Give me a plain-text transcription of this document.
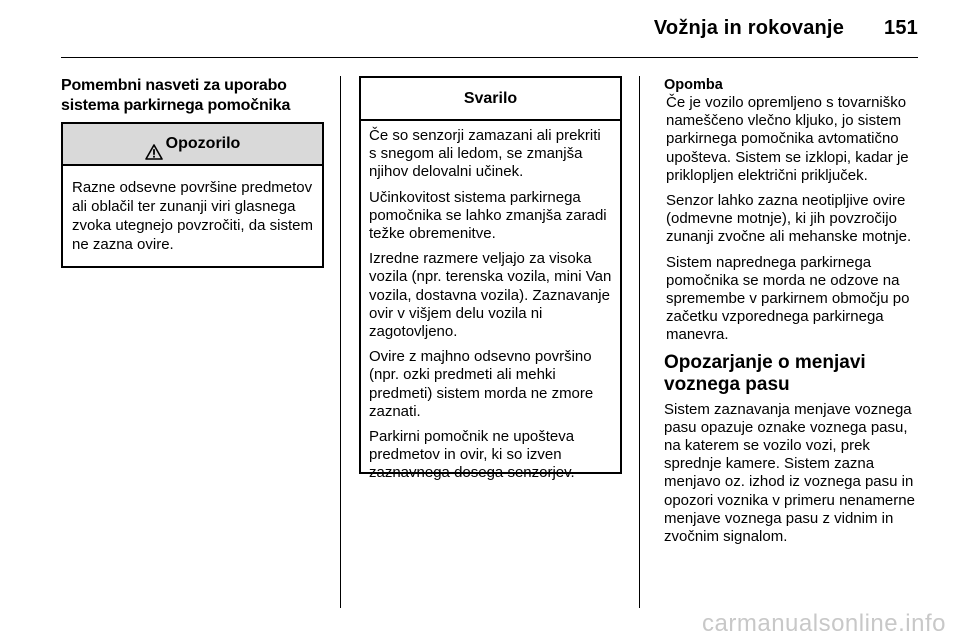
Vožnja in rokovanje 151
Pomembni nasveti za uporabo
sistema parkirnega pomočnika
Opozorilo
Razne odsevne površine predmetov ali oblačil ter zunanji viri glasnega zvoka utegnejo povzročiti, da sistem ne zazna ovire.
Svarilo

Če so senzorji zamazani ali prekriti s snegom ali ledom, se zmanjša njihov delovalni učinek.

Učinkovitost sistema parkirnega pomočnika se lahko zmanjša zaradi težke obremenitve.

Izredne razmere veljajo za visoka vozila (npr. terenska vozila, mini Van vozila, dostavna vozila). Zaznavanje ovir v višjem delu vozila ni zagotovljeno.

Ovire z majhno odsevno površino (npr. ozki predmeti ali mehki predmeti) sistem morda ne zmore zaznati.

Parkirni pomočnik ne upošteva predmetov in ovir, ki so izven zaznavnega dosega senzorjev.

Opomba

Če je vozilo opremljeno s tovarniško nameščeno vlečno kljuko, jo sistem parkirnega pomočnika avtomatično upošteva. Sistem se izklopi, kadar je priklopljen električni priključek.

Senzor lahko zazna neotipljive ovire (odmevne motnje), ki jih povzročijo zunanji zvočne ali mehanske motnje.

Sistem naprednega parkirnega pomočnika se morda ne odzove na spremembe v parkirnem območju po začetku vzporednega parkirnega manevra.

Opozarjanje o menjavi
voznega pasu

Sistem zaznavanja menjave voznega pasu opazuje oznake voznega pasu, na katerem se vozilo vozi, prek sprednje kamere. Sistem zazna menjavo oz. izhod iz voznega pasu in opozori voznika v primeru nenamerne menjave voznega pasu z vidnim in zvočnim signalom.

carmanualsonline.info
